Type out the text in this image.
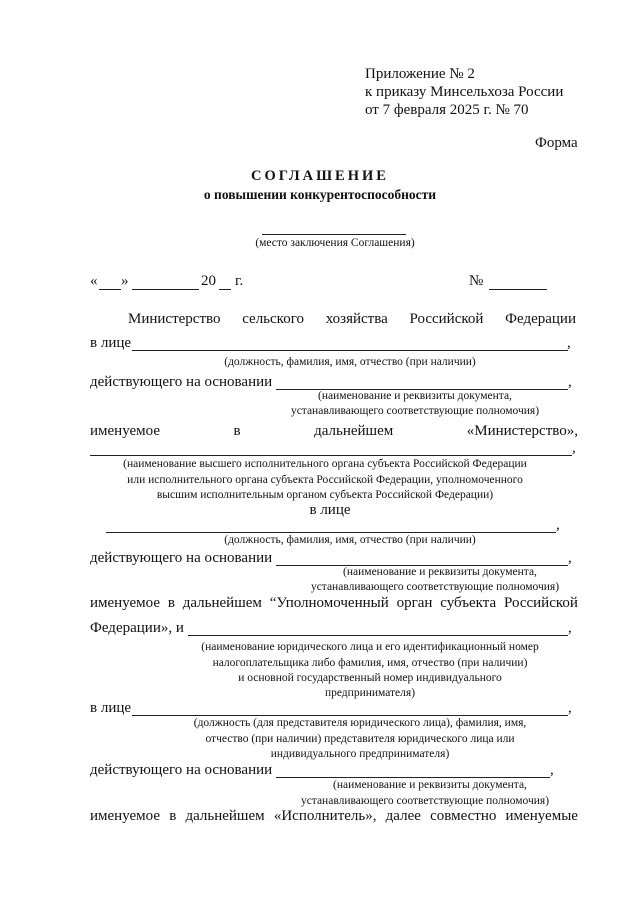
Приложение № 2
к приказу Минсельхоза России
от 7 февраля 2025 г. № 70
Форма
СОГЛАШЕНИЕ
о повышении конкурентоспособности
(место заключения Соглашения)
« »	20 г.	№
Министерство сельского хозяйства Российской Федерации
в лице	,
(должность, фамилия, имя, отчество (при наличии)
действующего на основании	,
(наименование и реквизиты документа,
устанавливающего соответствующие полномочия)
именуемое	в	дальнейшем	«Министерство»,
,
(наименование высшего исполнительного органа субъекта Российской Федерации
или исполнительного органа субъекта Российской Федерации, уполномоченного
высшим исполнительным органом субъекта Российской Федерации)
в лице
,
(должность, фамилия, имя, отчество (при наличии)
действующего на основании	,
(наименование и реквизиты документа,
устанавливающего соответствующие полномочия)
именуемое в дальнейшем “Уполномоченный орган субъекта Российской
Федерации», и	,
(наименование юридического лица и его идентификационный номер
налогоплательщика либо фамилия, имя, отчество (при наличии)
и основной государственный номер индивидуального
предпринимателя)
в лице	,
(должность (для представителя юридического лица), фамилия, имя,
отчество (при наличии) представителя юридического лица или
индивидуального предпринимателя)
действующего на основании	,
(наименование и реквизиты документа,
устанавливающего соответствующие полномочия)
именуемое в дальнейшем «Исполнитель», далее совместно именуемые
